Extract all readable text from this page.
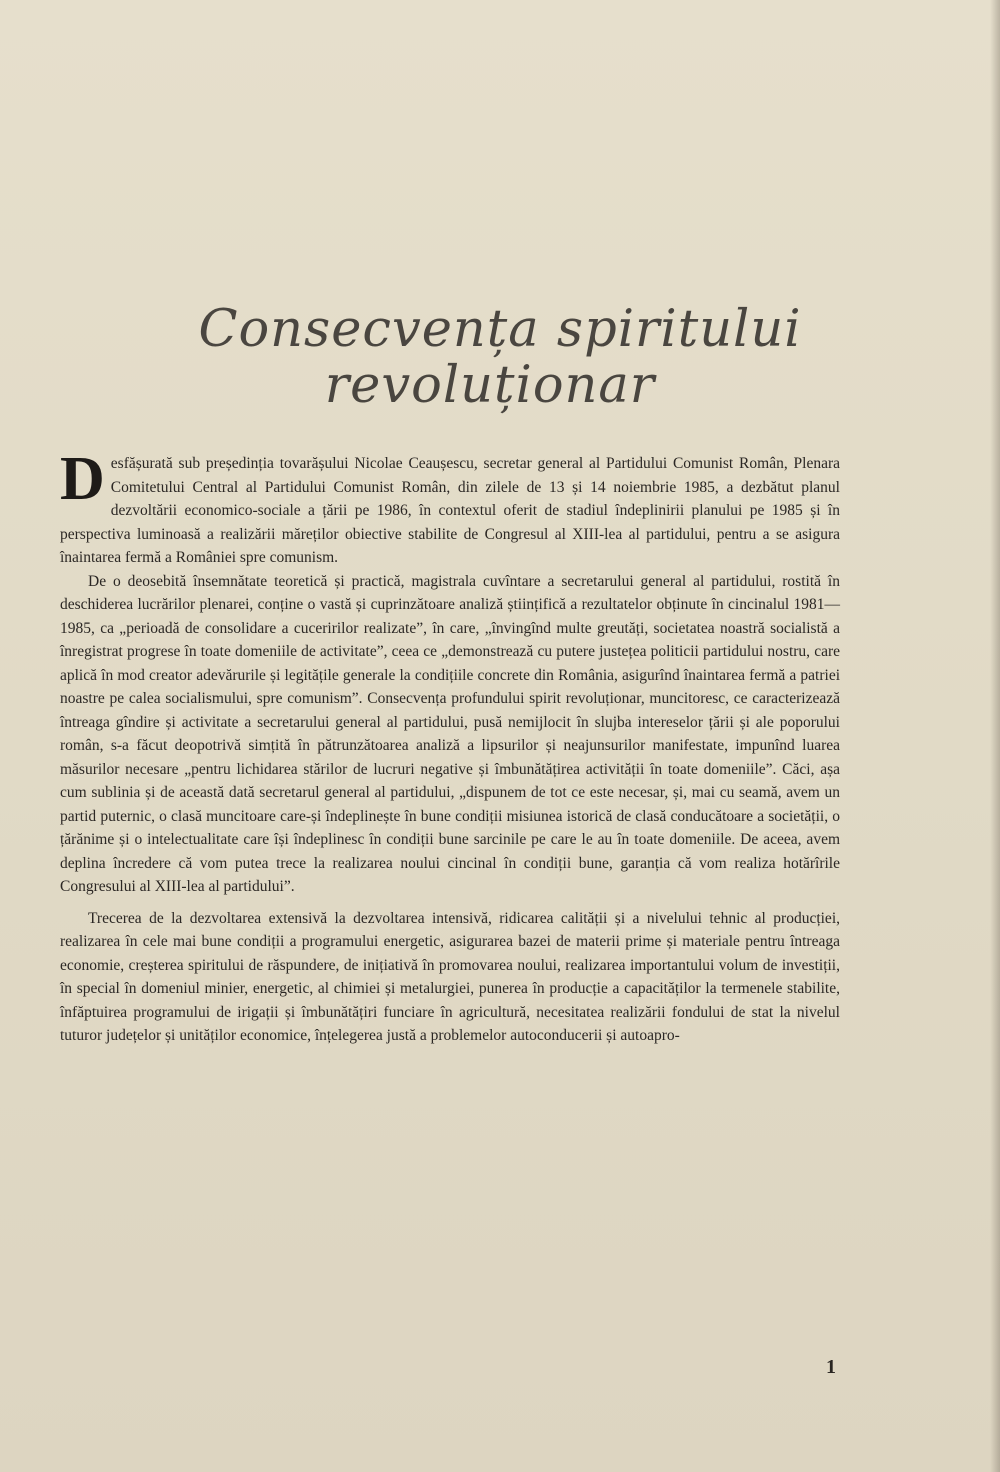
Consecvența spiritului

revoluționar

Desfășurată sub președinția tovarășului Nicolae Ceaușescu, secretar general al Partidului Comunist Român, Plenara Comitetului Central al Partidului Comunist Român, din zilele de 13 și 14 noiembrie 1985, a dezbătut planul dezvoltării economico-sociale a țării pe 1986, în contextul oferit de stadiul îndeplinirii planului pe 1985 și în perspectiva luminoasă a realizării măreților obiective stabilite de Congresul al XIII-lea al partidului, pentru a se asigura înaintarea fermă a României spre comunism.

De o deosebită însemnătate teoretică și practică, magistrala cuvîntare a secretarului general al partidului, rostită în deschiderea lucrărilor plenarei, conține o vastă și cuprinzătoare analiză științifică a rezultatelor obținute în cincinalul 1981—1985, ca „perioadă de consolidare a cuceririlor realizate”, în care, „învingînd multe greutăți, societatea noastră socialistă a înregistrat progrese în toate domeniile de activitate”, ceea ce „demonstrează cu putere justețea politicii partidului nostru, care aplică în mod creator adevărurile și legitățile generale la condițiile concrete din România, asigurînd înaintarea fermă a patriei noastre pe calea socialismului, spre comunism”. Consecvența profundului spirit revoluționar, muncitoresc, ce caracterizează întreaga gîndire și activitate a secretarului general al partidului, pusă nemijlocit în slujba intereselor țării și ale poporului român, s-a făcut deopotrivă simțită în pătrunzătoarea analiză a lipsurilor și neajunsurilor manifestate, impunînd luarea măsurilor necesare „pentru lichidarea stărilor de lucruri negative și îmbunătățirea activității în toate domeniile”. Căci, așa cum sublinia și de această dată secretarul general al partidului, „dispunem de tot ce este necesar, și, mai cu seamă, avem un partid puternic, o clasă muncitoare care-și îndeplinește în bune condiții misiunea istorică de clasă conducătoare a societății, o țărănime și o intelectualitate care își îndeplinesc în condiții bune sarcinile pe care le au în toate domeniile. De aceea, avem deplina încredere că vom putea trece la realizarea noului cincinal în condiții bune, garanția că vom realiza hotărîrile Congresului al XIII-lea al partidului”.

Trecerea de la dezvoltarea extensivă la dezvoltarea intensivă, ridicarea calității și a nivelului tehnic al producției, realizarea în cele mai bune condiții a programului energetic, asigurarea bazei de materii prime și materiale pentru întreaga economie, creșterea spiritului de răspundere, de inițiativă în promovarea noului, realizarea importantului volum de investiții, în special în domeniul minier, energetic, al chimiei și metalurgiei, punerea în producție a capacităților la termenele stabilite, înfăptuirea programului de irigații și îmbunătățiri funciare în agricultură, necesitatea realizării fondului de stat la nivelul tuturor județelor și unităților economice, înțelegerea justă a problemelor autoconducerii și autoapro-

1
